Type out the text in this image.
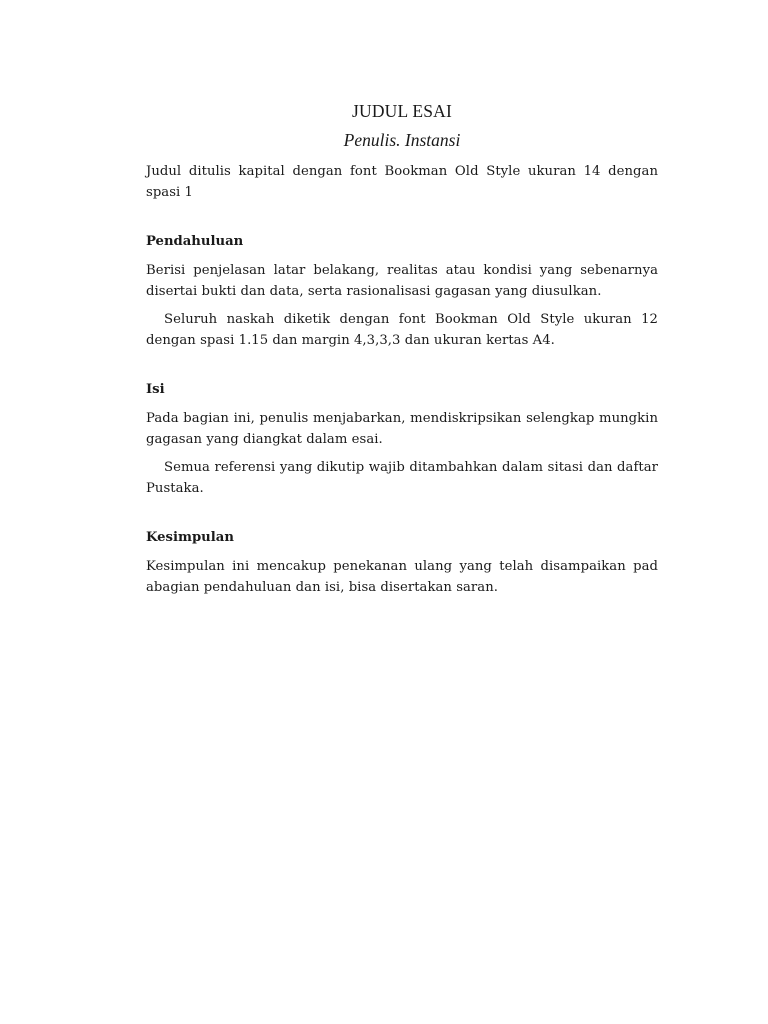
JUDUL ESAI

Penulis. Instansi

Judul ditulis kapital dengan font Bookman Old Style ukuran 14 dengan spasi 1

Pendahuluan

Berisi penjelasan latar belakang, realitas atau kondisi yang sebenarnya disertai bukti dan data, serta rasionalisasi gagasan yang diusulkan.

Seluruh naskah diketik dengan font Bookman Old Style ukuran 12 dengan spasi 1.15 dan margin 4,3,3,3 dan ukuran kertas A4.

Isi

Pada bagian ini, penulis menjabarkan, mendiskripsikan selengkap mungkin gagasan yang diangkat dalam esai.

Semua referensi yang dikutip wajib ditambahkan dalam sitasi dan daftar Pustaka.

Kesimpulan

Kesimpulan ini mencakup penekanan ulang yang telah disampaikan pad abagian pendahuluan dan isi, bisa disertakan saran.
